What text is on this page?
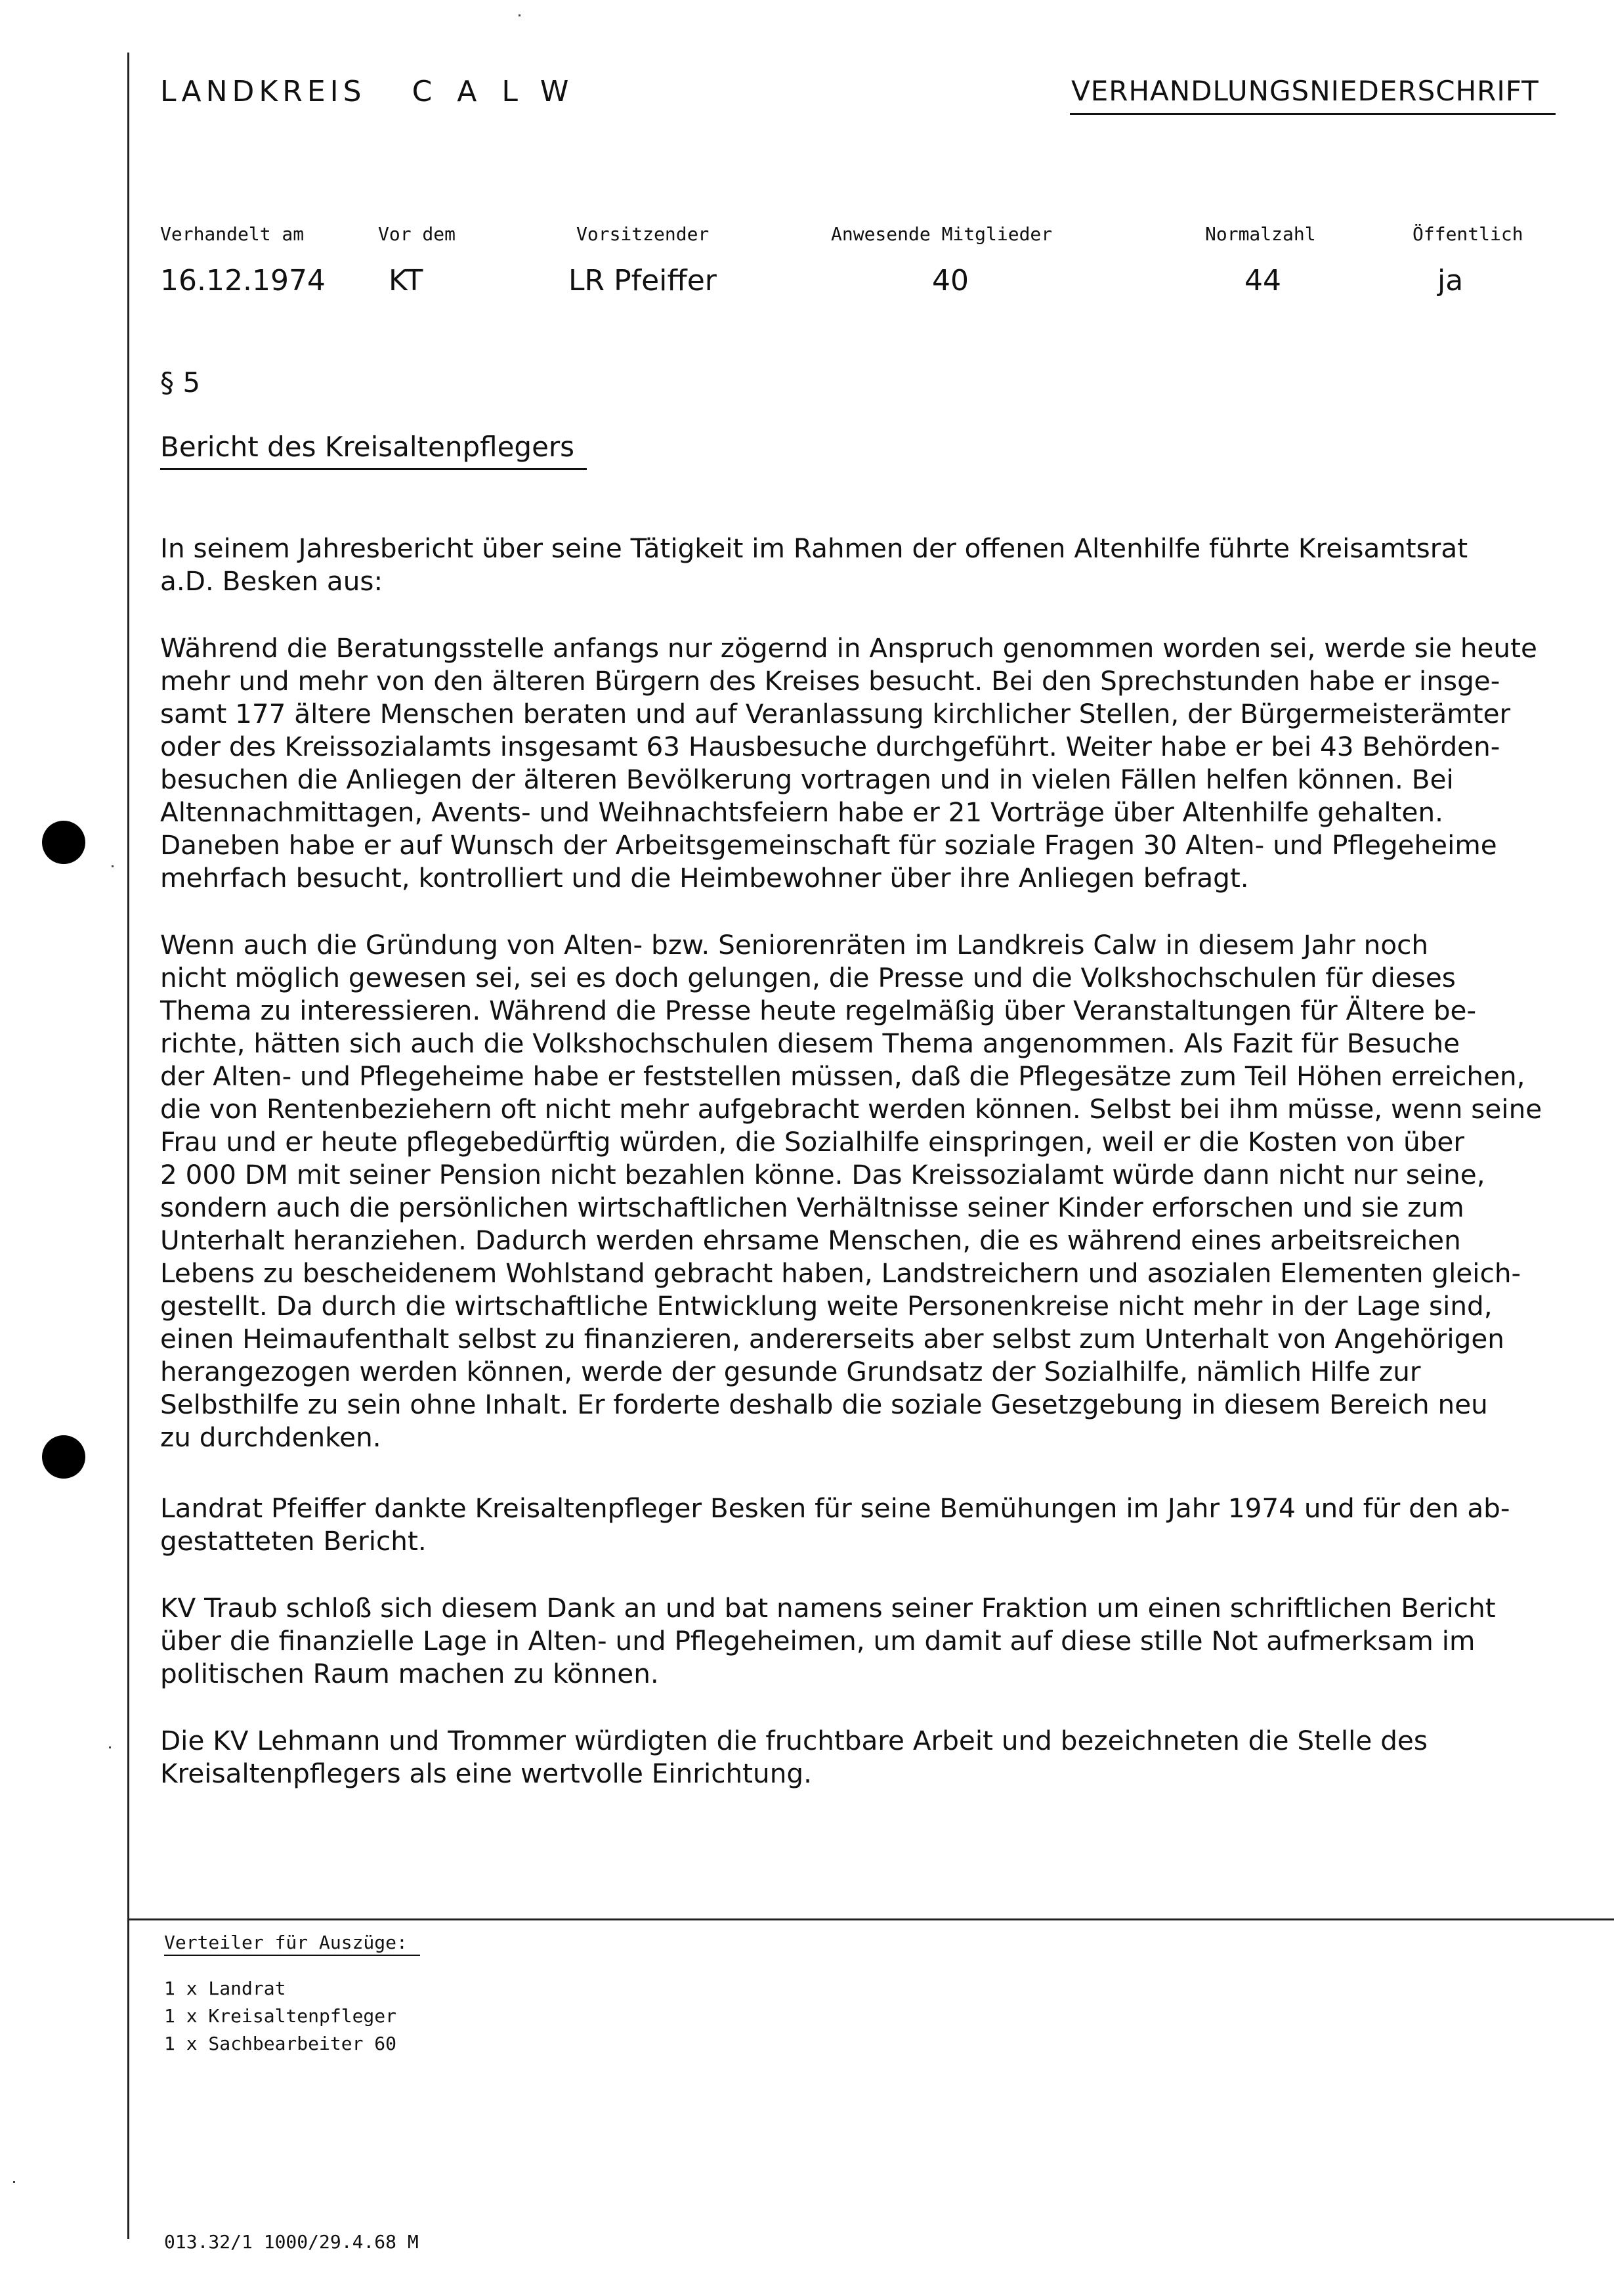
LANDKREIS CALW	VERHANDLUNGSNIEDERSCHRIFT
Verhandelt am	Vor dem	Vorsitzender	Anwesende Mitglieder	Normalzahl	Öffentlich
16.12.1974 KT	LR Pfeiffer	40	44	ja
§ 5
Bericht des Kreisaltenpflegers

In seinem Jahresbericht über seine Tätigkeit im Rahmen der offenen Altenhilfe führte Kreisamtsrat
a.D. Besken aus:

Während die Beratungsstelle anfangs nur zögernd in Anspruch genommen worden sei, werde sie heute
mehr und mehr von den älteren Bürgern des Kreises besucht. Bei den Sprechstunden habe er insge-
samt 177 ältere Menschen beraten und auf Veranlassung kirchlicher Stellen, der Bürgermeisterämter
oder des Kreissozialamts insgesamt 63 Hausbesuche durchgeführt. Weiter habe er bei 43 Behörden-
besuchen die Anliegen der älteren Bevölkerung vortragen und in vielen Fällen helfen können. Bei
Altennachmittagen, Avents- und Weihnachtsfeiern habe er 21 Vorträge über Altenhilfe gehalten.
Daneben habe er auf Wunsch der Arbeitsgemeinschaft für soziale Fragen 30 Alten- und Pflegeheime
mehrfach besucht, kontrolliert und die Heimbewohner über ihre Anliegen befragt.

Wenn auch die Gründung von Alten- bzw. Seniorenräten im Landkreis Calw in diesem Jahr noch
nicht möglich gewesen sei, sei es doch gelungen, die Presse und die Volkshochschulen für dieses
Thema zu interessieren. Während die Presse heute regelmäßig über Veranstaltungen für Ältere be-
richte, hätten sich auch die Volkshochschulen diesem Thema angenommen. Als Fazit für Besuche
der Alten- und Pflegeheime habe er feststellen müssen, daß die Pflegesätze zum Teil Höhen erreichen,
die von Rentenbeziehern oft nicht mehr aufgebracht werden können. Selbst bei ihm müsse, wenn seine
Frau und er heute pflegebedürftig würden, die Sozialhilfe einspringen, weil er die Kosten von über
2 000 DM mit seiner Pension nicht bezahlen könne. Das Kreissozialamt würde dann nicht nur seine,
sondern auch die persönlichen wirtschaftlichen Verhältnisse seiner Kinder erforschen und sie zum
Unterhalt heranziehen. Dadurch werden ehrsame Menschen, die es während eines arbeitsreichen
Lebens zu bescheidenem Wohlstand gebracht haben, Landstreichern und asozialen Elementen gleich-
gestellt. Da durch die wirtschaftliche Entwicklung weite Personenkreise nicht mehr in der Lage sind,
einen Heimaufenthalt selbst zu finanzieren, andererseits aber selbst zum Unterhalt von Angehörigen
herangezogen werden können, werde der gesunde Grundsatz der Sozialhilfe, nämlich Hilfe zur
Selbsthilfe zu sein ohne Inhalt. Er forderte deshalb die soziale Gesetzgebung in diesem Bereich neu
zu durchdenken.

Landrat Pfeiffer dankte Kreisaltenpfleger Besken für seine Bemühungen im Jahr 1974 und für den ab-
gestatteten Bericht.

KV Traub schloß sich diesem Dank an und bat namens seiner Fraktion um einen schriftlichen Bericht
über die finanzielle Lage in Alten- und Pflegeheimen, um damit auf diese stille Not aufmerksam im
politischen Raum machen zu können.

Die KV Lehmann und Trommer würdigten die fruchtbare Arbeit und bezeichneten die Stelle des
Kreisaltenpflegers als eine wertvolle Einrichtung.

Verteiler für Auszüge:
1 x Landrat
1 x Kreisaltenpfleger
1 x Sachbearbeiter 60
013.32/1 1000/29.4.68 M
